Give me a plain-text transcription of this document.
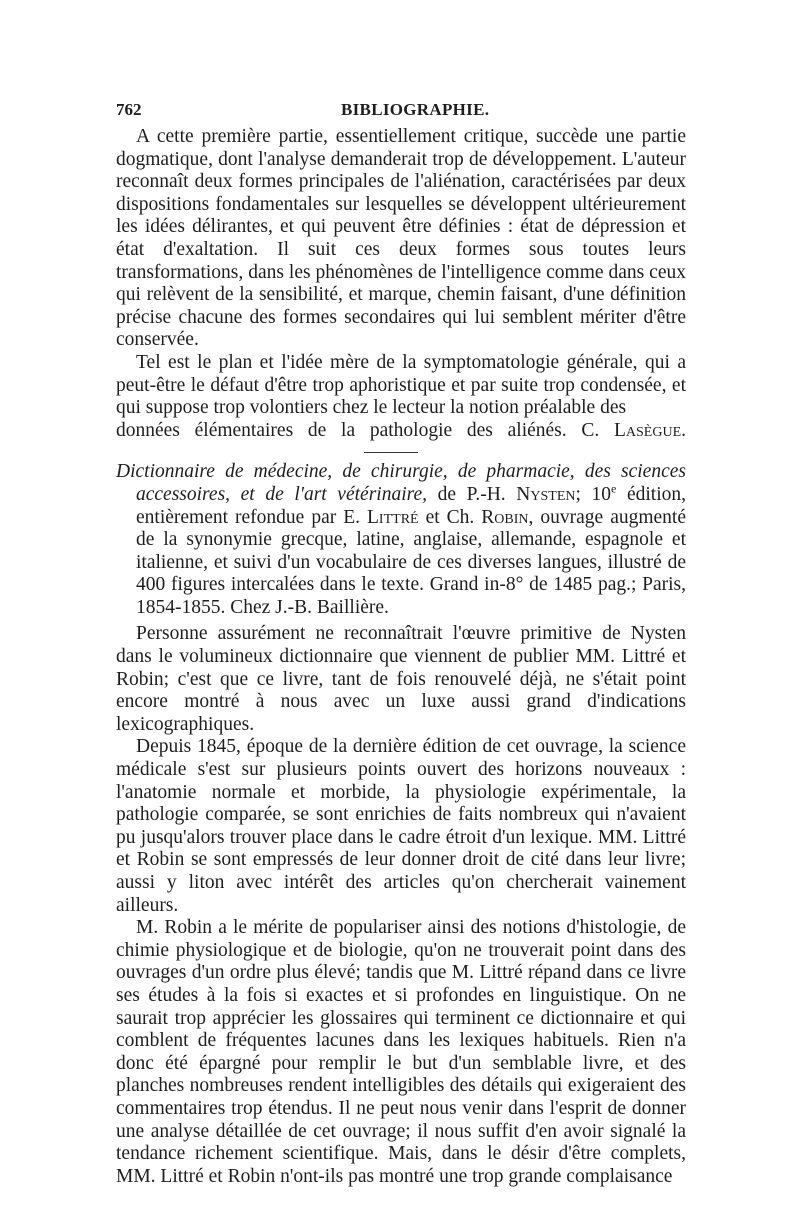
762	BIBLIOGRAPHIE.

A cette première partie, essentiellement critique, succède une partie dogmatique, dont l'analyse demanderait trop de développement. L'auteur reconnaît deux formes principales de l'aliénation, caractérisées par deux dispositions fondamentales sur lesquelles se développent ultérieurement les idées délirantes, et qui peuvent être définies : état de dépression et état d'exaltation. Il suit ces deux formes sous toutes leurs transformations, dans les phénomènes de l'intelligence comme dans ceux qui relèvent de la sensibilité, et marque, chemin faisant, d'une définition précise chacune des formes secondaires qui lui semblent mériter d'être conservée.

Tel est le plan et l'idée mère de la symptomatologie générale, qui a peut-être le défaut d'être trop aphoristique et par suite trop condensée, et qui suppose trop volontiers chez le lecteur la notion préalable des

données élémentaires de la pathologie des aliénés. C. Lasègue.

Dictionnaire de médecine, de chirurgie, de pharmacie, des sciences accessoires, et de l'art vétérinaire, de P.-H. Nysten; 10e édition, entièrement refondue par E. Littré et Ch. Robin, ouvrage augmenté de la synonymie grecque, latine, anglaise, allemande, espagnole et italienne, et suivi d'un vocabulaire de ces diverses langues, illustré de 400 figures intercalées dans le texte. Grand in-8° de 1485 pag.; Paris, 1854-1855. Chez J.-B. Baillière.

Personne assurément ne reconnaîtrait l'œuvre primitive de Nysten dans le volumineux dictionnaire que viennent de publier MM. Littré et Robin; c'est que ce livre, tant de fois renouvelé déjà, ne s'était point encore montré à nous avec un luxe aussi grand d'indications lexicographiques.

Depuis 1845, époque de la dernière édition de cet ouvrage, la science médicale s'est sur plusieurs points ouvert des horizons nouveaux : l'anatomie normale et morbide, la physiologie expérimentale, la pathologie comparée, se sont enrichies de faits nombreux qui n'avaient pu jusqu'alors trouver place dans le cadre étroit d'un lexique. MM. Littré et Robin se sont empressés de leur donner droit de cité dans leur livre; aussi y liton avec intérêt des articles qu'on chercherait vainement ailleurs.

M. Robin a le mérite de populariser ainsi des notions d'histologie, de chimie physiologique et de biologie, qu'on ne trouverait point dans des ouvrages d'un ordre plus élevé; tandis que M. Littré répand dans ce livre ses études à la fois si exactes et si profondes en linguistique. On ne saurait trop apprécier les glossaires qui terminent ce dictionnaire et qui comblent de fréquentes lacunes dans les lexiques habituels. Rien n'a donc été épargné pour remplir le but d'un semblable livre, et des planches nombreuses rendent intelligibles des détails qui exigeraient des commentaires trop étendus. Il ne peut nous venir dans l'esprit de donner une analyse détaillée de cet ouvrage; il nous suffit d'en avoir signalé la tendance richement scientifique. Mais, dans le désir d'être complets, MM. Littré et Robin n'ont-ils pas montré une trop grande complaisance
